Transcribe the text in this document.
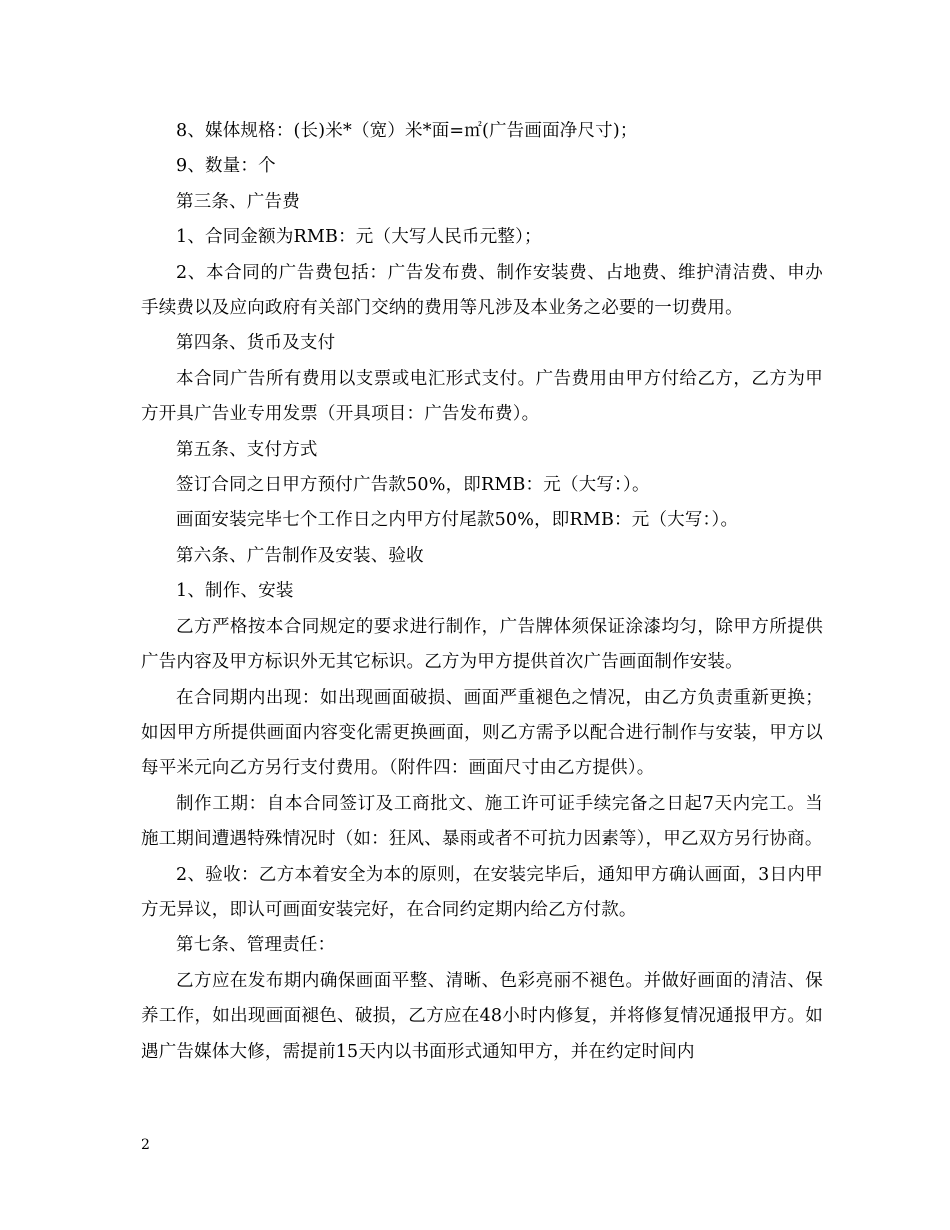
8、媒体规格：(长)米*（宽）米*面=㎡(广告画面净尺寸)；

9、数量：个

第三条、广告费

1、合同金额为RMB：元（大写人民币元整）；

2、本合同的广告费包括：广告发布费、制作安装费、占地费、维护清洁费、申办手续费以及应向政府有关部门交纳的费用等凡涉及本业务之必要的一切费用。

第四条、货币及支付

本合同广告所有费用以支票或电汇形式支付。广告费用由甲方付给乙方，乙方为甲方开具广告业专用发票（开具项目：广告发布费）。

第五条、支付方式

签订合同之日甲方预付广告款50%，即RMB：元（大写：）。

画面安装完毕七个工作日之内甲方付尾款50%，即RMB：元（大写：）。

第六条、广告制作及安装、验收

1、制作、安装

乙方严格按本合同规定的要求进行制作，广告牌体须保证涂漆均匀，除甲方所提供广告内容及甲方标识外无其它标识。乙方为甲方提供首次广告画面制作安装。

在合同期内出现：如出现画面破损、画面严重褪色之情况，由乙方负责重新更换；如因甲方所提供画面内容变化需更换画面，则乙方需予以配合进行制作与安装，甲方以每平米元向乙方另行支付费用。（附件四：画面尺寸由乙方提供）。

制作工期：自本合同签订及工商批文、施工许可证手续完备之日起7天内完工。当施工期间遭遇特殊情况时（如：狂风、暴雨或者不可抗力因素等），甲乙双方另行协商。

2、验收：乙方本着安全为本的原则，在安装完毕后，通知甲方确认画面，3日内甲方无异议，即认可画面安装完好，在合同约定期内给乙方付款。

第七条、管理责任：

乙方应在发布期内确保画面平整、清晰、色彩亮丽不褪色。并做好画面的清洁、保养工作，如出现画面褪色、破损，乙方应在48小时内修复，并将修复情况通报甲方。如遇广告媒体大修，需提前15天内以书面形式通知甲方，并在约定时间内

2
